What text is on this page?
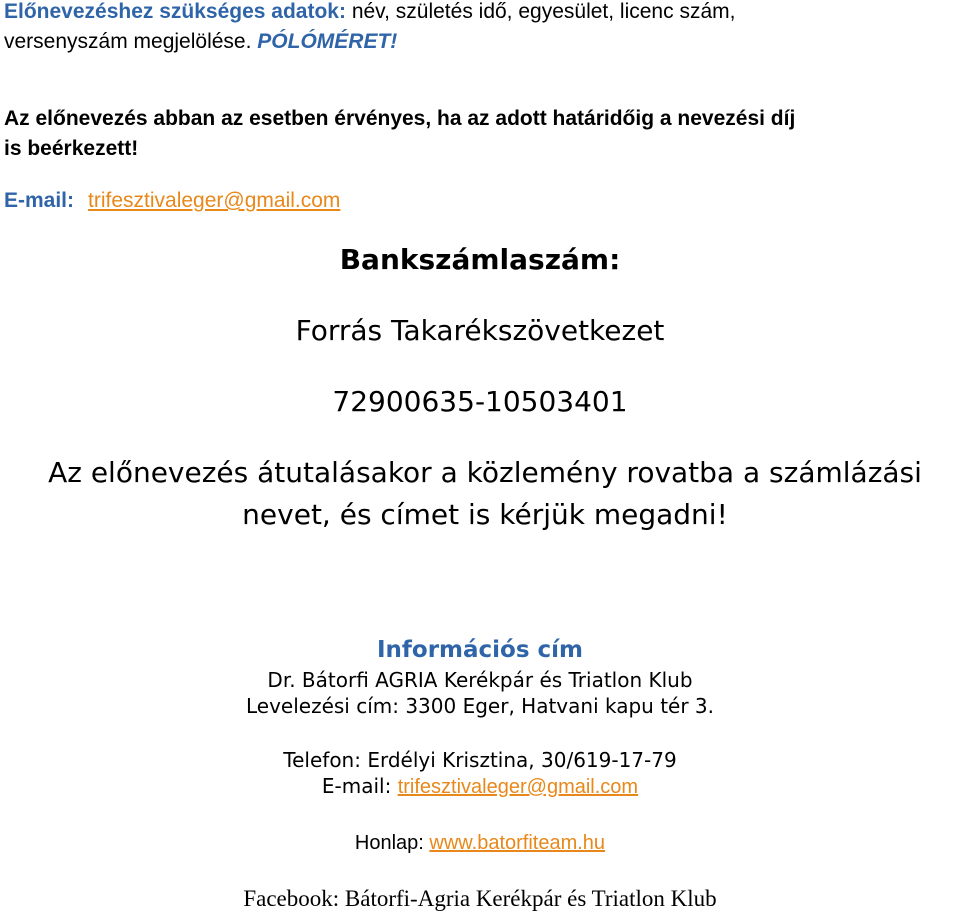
Előnevezéshez szükséges adatok: név, születés idő, egyesület, licenc szám,
versenyszám megjelölése. PÓLÓMÉRET!
Az előnevezés abban az esetben érvényes, ha az adott határidőig a nevezési díj
is beérkezett!
E-mail: trifesztivaleger@gmail.com
Bankszámlaszám:
Forrás Takarékszövetkezet
72900635-10503401
Az előnevezés átutalásakor a közlemény rovatba a számlázási nevet, és címet is kérjük megadni!
Információs cím
Dr. Bátorfi AGRIA Kerékpár és Triatlon Klub
Levelezési cím: 3300 Eger, Hatvani kapu tér 3.
Telefon: Erdélyi Krisztina, 30/619-17-79
E-mail: trifesztivaleger@gmail.com
Honlap: www.batorfiteam.hu
Facebook: Bátorfi-Agria Kerékpár és Triatlon Klub
